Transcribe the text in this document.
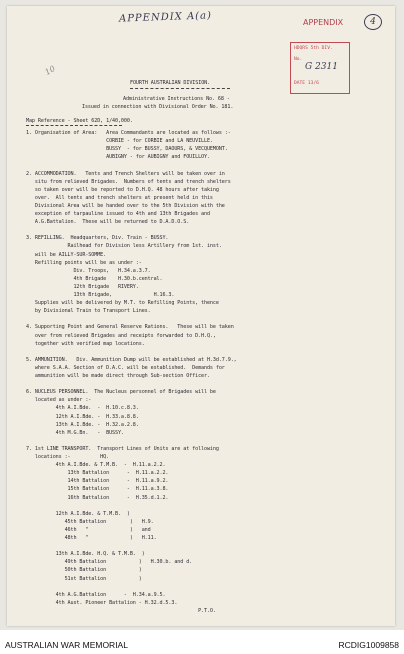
APPENDIX A(a)	APPENDIX	4
10
HDQRS 5th DIV.
No.
G 2311
DATE 13/6
FOURTH AUSTRALIAN DIVISION.
Administrative Instructions No. 68 -
Issued in connection with Divisional Order No. 181.
Map Reference - Sheet 62D, 1/40,000.
1. Organisation of Area:   Area Commandants are located as follows :-
CORBIE - for CORBIE and LA NEUVILLE.
BUSSY  - for BUSSY, DAOURS, & VECQUEMONT.
AUBIGNY - for AUBIGNY and FOUILLOY.
2. ACCOMMODATION.   Tents and Trench Shelters will be taken over in
situ from relieved Brigades.  Numbers of tents and trench shelters
so taken over will be reported to D.H.Q. 48 hours after taking
over.  All tents and trench shelters at present held in this
Divisional Area will be handed over to the 5th Division with the
exception of tarpauline issued to 4th and 13th Brigades and
A.G.Battalion.  These will be returned to D.A.D.O.S.
3. REFILLING.  Headquarters, Div. Train - BUSSY.
Railhead for Division less Artillery from 1st. inst.
will be AILLY-SUR-SOMME.
Refilling points will be as under :-
Div. Troops,   H.34.a.3.7.
4th Brigade    H.30.b.central.
12th Brigade   RIVERY.
13th Brigade,              H.16.3.
Supplies will be delivered by M.T. to Refilling Points, thence
by Divisional Train to Transport Lines.
4. Supporting Point and General Reserve Rations.   These will be taken
over from relieved Brigades and receipts forwarded to D.H.Q.,
together with verified map locations.
5. AMMUNITION.   Div. Ammunition Dump will be established at H.3d.7.9.,
where S.A.A. Section of D.A.C. will be established.  Demands for
ammunition will be made direct through Sub-section Officer.
6. NUCLEUS PERSONNEL.  The Nucleus personnel of Brigades will be
located as under :-
4th A.I.Bde.  -  H.10.c.8.3.
12th A.I.Bde. -  H.33.a.8.8.
13th A.I.Bde. -  H.32.a.2.8.
4th M.G.Bn.   -  BUSSY.
7. 1st LINE TRANSPORT.  Transport Lines of Units are at following
locations :-          HQ.
4th A.I.Bde. & T.M.B.  -  H.11.a.2.2.
13th Battalion      -  H.11.a.2.2.
14th Battalion      -  H.11.a.9.2.
15th Battalion      -  H.11.a.3.8.
16th Battalion      -  H.35.d.1.2.
12th A.I.Bde. & T.M.B.  )
45th Battalion        )   H.9.
46th   "              )   and
48th   "              )   H.11.
13th A.I.Bde. H.Q. & T.M.B.  )
49th Battalion           )   H.30.b. and d.
50th Battalion           )
51st Battalion           )
4th A.G.Battalion      -  H.34.a.9.5.
4th Aust. Pioneer Battalion - H.32.d.5.3.
P.T.O.
AUSTRALIAN WAR MEMORIAL	RCDIG1009858
